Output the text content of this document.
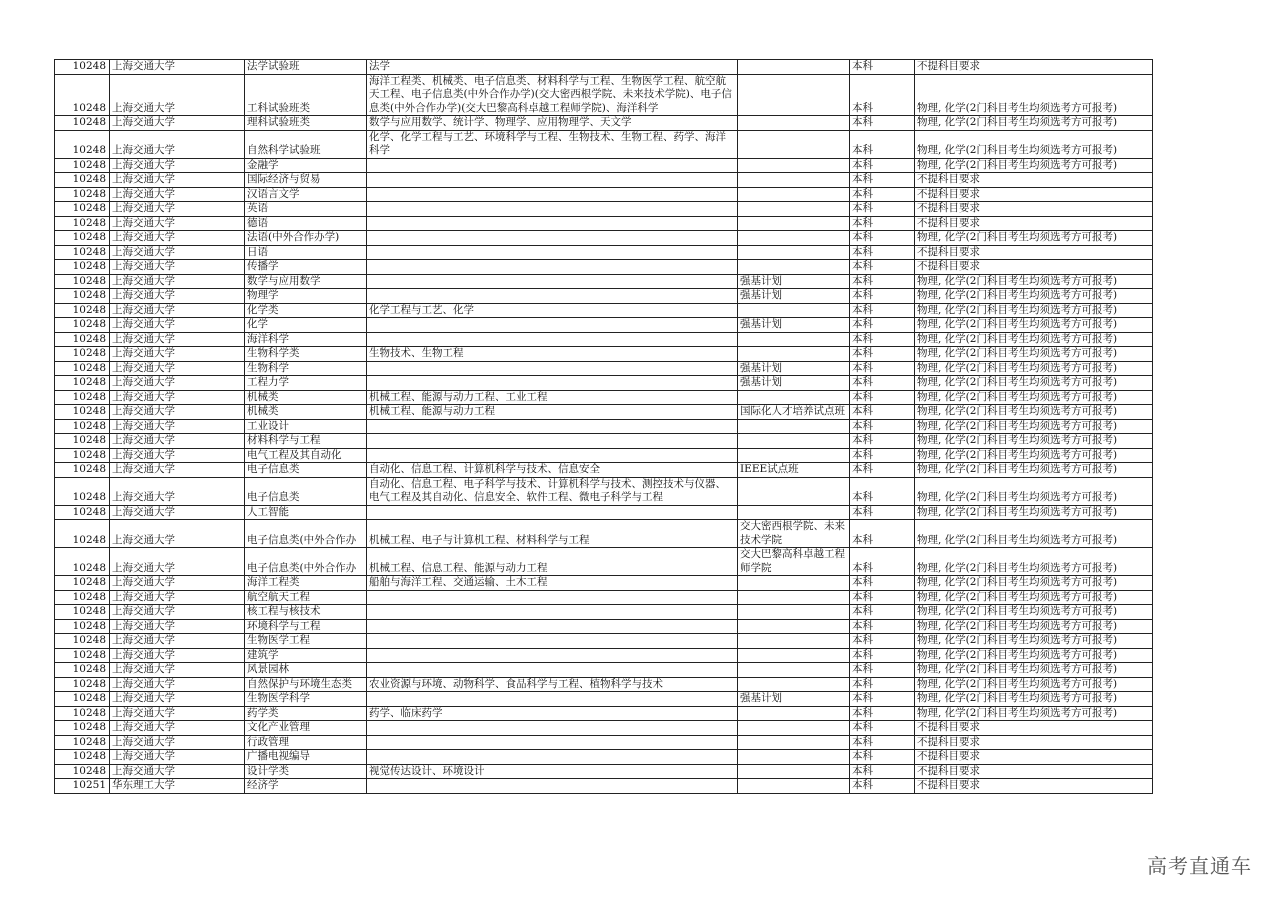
10248	上海交通大学	法学试验班	法学		本科	不提科目要求
10248	上海交通大学	工科试验班类	海洋工程类、机械类、电子信息类、材料科学与工程、生物医学工程、航空航天工程、电子信息类(中外合作办学)(交大密西根学院、未来技术学院)、电子信息类(中外合作办学)(交大巴黎高科卓越工程师学院)、海洋科学		本科	物理, 化学(2门科目考生均须选考方可报考)
10248	上海交通大学	理科试验班类	数学与应用数学、统计学、物理学、应用物理学、天文学		本科	物理, 化学(2门科目考生均须选考方可报考)
10248	上海交通大学	自然科学试验班	化学、化学工程与工艺、环境科学与工程、生物技术、生物工程、药学、海洋科学		本科	物理, 化学(2门科目考生均须选考方可报考)
10248	上海交通大学	金融学			本科	物理, 化学(2门科目考生均须选考方可报考)
10248	上海交通大学	国际经济与贸易			本科	不提科目要求
10248	上海交通大学	汉语言文学			本科	不提科目要求
10248	上海交通大学	英语			本科	不提科目要求
10248	上海交通大学	德语			本科	不提科目要求
10248	上海交通大学	法语(中外合作办学)			本科	物理, 化学(2门科目考生均须选考方可报考)
10248	上海交通大学	日语			本科	不提科目要求
10248	上海交通大学	传播学			本科	不提科目要求
10248	上海交通大学	数学与应用数学		强基计划	本科	物理, 化学(2门科目考生均须选考方可报考)
10248	上海交通大学	物理学		强基计划	本科	物理, 化学(2门科目考生均须选考方可报考)
10248	上海交通大学	化学类	化学工程与工艺、化学		本科	物理, 化学(2门科目考生均须选考方可报考)
10248	上海交通大学	化学		强基计划	本科	物理, 化学(2门科目考生均须选考方可报考)
10248	上海交通大学	海洋科学			本科	物理, 化学(2门科目考生均须选考方可报考)
10248	上海交通大学	生物科学类	生物技术、生物工程		本科	物理, 化学(2门科目考生均须选考方可报考)
10248	上海交通大学	生物科学		强基计划	本科	物理, 化学(2门科目考生均须选考方可报考)
10248	上海交通大学	工程力学		强基计划	本科	物理, 化学(2门科目考生均须选考方可报考)
10248	上海交通大学	机械类	机械工程、能源与动力工程、工业工程		本科	物理, 化学(2门科目考生均须选考方可报考)
10248	上海交通大学	机械类	机械工程、能源与动力工程	国际化人才培养试点班	本科	物理, 化学(2门科目考生均须选考方可报考)
10248	上海交通大学	工业设计			本科	物理, 化学(2门科目考生均须选考方可报考)
10248	上海交通大学	材料科学与工程			本科	物理, 化学(2门科目考生均须选考方可报考)
10248	上海交通大学	电气工程及其自动化			本科	物理, 化学(2门科目考生均须选考方可报考)
10248	上海交通大学	电子信息类	自动化、信息工程、计算机科学与技术、信息安全	IEEE试点班	本科	物理, 化学(2门科目考生均须选考方可报考)
10248	上海交通大学	电子信息类	自动化、信息工程、电子科学与技术、计算机科学与技术、测控技术与仪器、电气工程及其自动化、信息安全、软件工程、微电子科学与工程		本科	物理, 化学(2门科目考生均须选考方可报考)
10248	上海交通大学	人工智能			本科	物理, 化学(2门科目考生均须选考方可报考)
10248	上海交通大学	电子信息类(中外合作办	机械工程、电子与计算机工程、材料科学与工程	交大密西根学院、未来技术学院	本科	物理, 化学(2门科目考生均须选考方可报考)
10248	上海交通大学	电子信息类(中外合作办	机械工程、信息工程、能源与动力工程	交大巴黎高科卓越工程师学院	本科	物理, 化学(2门科目考生均须选考方可报考)
10248	上海交通大学	海洋工程类	船舶与海洋工程、交通运输、土木工程		本科	物理, 化学(2门科目考生均须选考方可报考)
10248	上海交通大学	航空航天工程			本科	物理, 化学(2门科目考生均须选考方可报考)
10248	上海交通大学	核工程与核技术			本科	物理, 化学(2门科目考生均须选考方可报考)
10248	上海交通大学	环境科学与工程			本科	物理, 化学(2门科目考生均须选考方可报考)
10248	上海交通大学	生物医学工程			本科	物理, 化学(2门科目考生均须选考方可报考)
10248	上海交通大学	建筑学			本科	物理, 化学(2门科目考生均须选考方可报考)
10248	上海交通大学	风景园林			本科	物理, 化学(2门科目考生均须选考方可报考)
10248	上海交通大学	自然保护与环境生态类	农业资源与环境、动物科学、食品科学与工程、植物科学与技术		本科	物理, 化学(2门科目考生均须选考方可报考)
10248	上海交通大学	生物医学科学		强基计划	本科	物理, 化学(2门科目考生均须选考方可报考)
10248	上海交通大学	药学类	药学、临床药学		本科	物理, 化学(2门科目考生均须选考方可报考)
10248	上海交通大学	文化产业管理			本科	不提科目要求
10248	上海交通大学	行政管理			本科	不提科目要求
10248	上海交通大学	广播电视编导			本科	不提科目要求
10248	上海交通大学	设计学类	视觉传达设计、环境设计		本科	不提科目要求
10251	华东理工大学	经济学			本科	不提科目要求
高考直通车
